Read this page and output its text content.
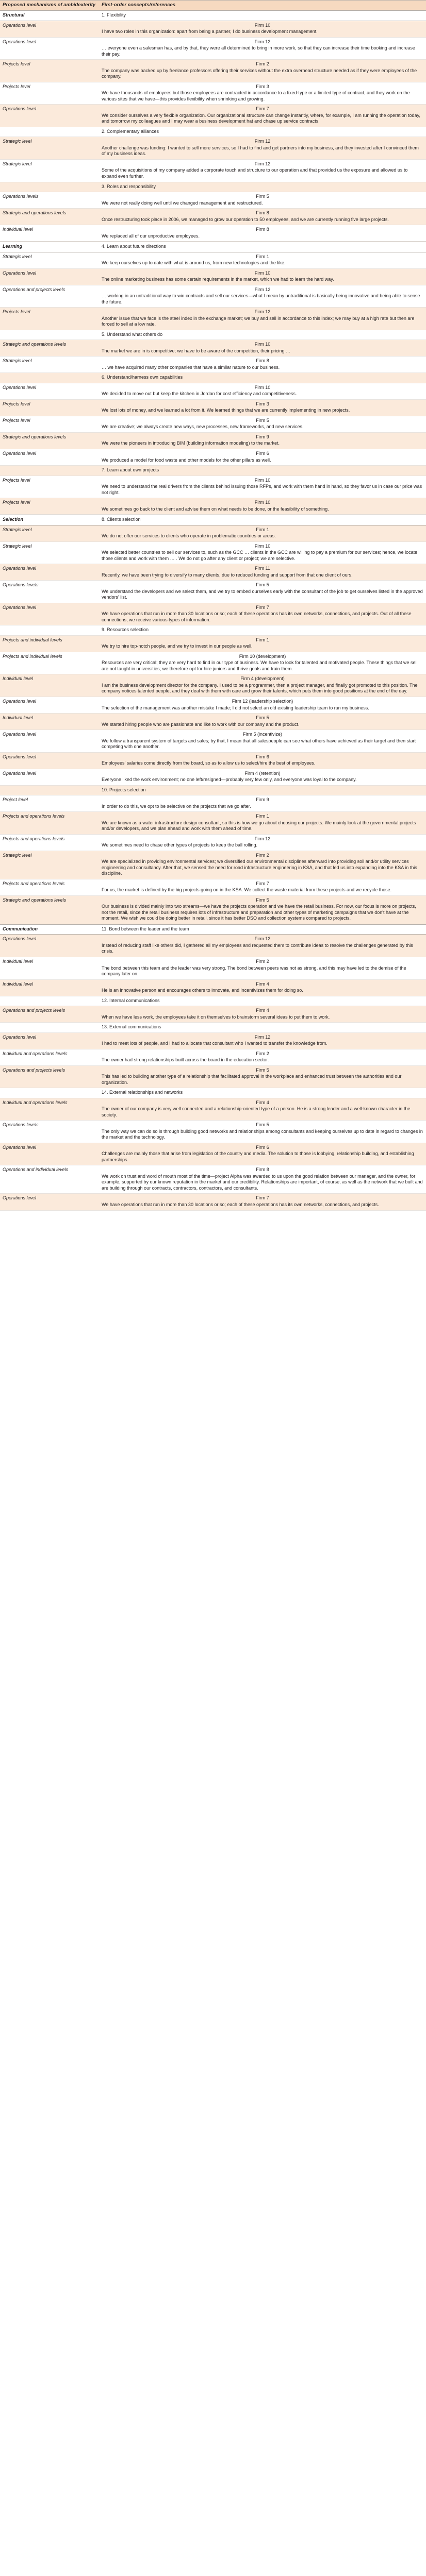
Proposed mechanisms of ambidexterity	First-order concepts/references
Structural	1. Flexibility
Operations level	Firm 10
I have two roles in this organization: apart from being a partner, I do business development management.
Operations level	Firm 12
… everyone even a salesman has, and by that, they were all determined to bring in more work, so that they can increase their time booking and increase their pay.
Projects level	Firm 2
The company was backed up by freelance professors offering their services without the extra overhead structure needed as if they were employees of the company.
Projects level	Firm 3
We have thousands of employees but those employees are contracted in accordance to a fixed-type or a limited type of contract, and they work on the various sites that we have—this provides flexibility when shrinking and growing.
Operations level	Firm 7
We consider ourselves a very flexible organization. Our organizational structure can change instantly, where, for example, I am running the operation today, and tomorrow my colleagues and I may wear a business development hat and chase up service contracts.
2. Complementary alliances
Strategic level	Firm 12
Another challenge was funding: I wanted to sell more services, so I had to find and get partners into my business, and they invested after I convinced them of my business ideas.
Strategic level	Firm 12
Some of the acquisitions of my company added a corporate touch and structure to our operation and that provided us the exposure and allowed us to expand even further.
3. Roles and responsibility
Operations levels	Firm 5
We were not really doing well until we changed management and restructured.
Strategic and operations levels	Firm 8
Once restructuring took place in 2006, we managed to grow our operation to 50 employees, and we are currently running five large projects.
Individual level	Firm 8
We replaced all of our unproductive employees.
Learning	4. Learn about future directions
Strategic level	Firm 1
We keep ourselves up to date with what is around us, from new technologies and the like.
Operations level	Firm 10
The online marketing business has some certain requirements in the market, which we had to learn the hard way.
Operations and projects levels	Firm 12
… working in an untraditional way to win contracts and sell our services—what I mean by untraditional is basically being innovative and being able to sense the future.
Projects level	Firm 12
Another issue that we face is the steel index in the exchange market; we buy and sell in accordance to this index; we may buy at a high rate but then are forced to sell at a low rate.
5. Understand what others do
Strategic and operations levels	Firm 10
The market we are in is competitive; we have to be aware of the competition, their pricing …
Strategic level	Firm 8
… we have acquired many other companies that have a similar nature to our business.
6. Understand/harness own capabilities
Operations level	Firm 10
We decided to move out but keep the kitchen in Jordan for cost efficiency and competitiveness.
Projects level	Firm 3
We lost lots of money, and we learned a lot from it. We learned things that we are currently implementing in new projects.
Projects level	Firm 5
We are creative; we always create new ways, new processes, new frameworks, and new services.
Strategic and operations levels	Firm 9
We were the pioneers in introducing BIM (building information modeling) to the market.
Operations level	Firm 6
We produced a model for food waste and other models for the other pillars as well.
7. Learn about own projects
Projects level	Firm 10
We need to understand the real drivers from the clients behind issuing those RFPs, and work with them hand in hand, so they favor us in case our price was not right.
Projects level	Firm 10
We sometimes go back to the client and advise them on what needs to be done, or the feasibility of something.
Selection	8. Clients selection
Strategic level	Firm 1
We do not offer our services to clients who operate in problematic countries or areas.
Strategic level	Firm 10
We selected better countries to sell our services to, such as the GCC … clients in the GCC are willing to pay a premium for our services; hence, we locate those clients and work with them … . We do not go after any client or project; we are selective.
Operations level	Firm 11
Recently, we have been trying to diversify to many clients, due to reduced funding and support from that one client of ours.
Operations levels	Firm 5
We understand the developers and we select them, and we try to embed ourselves early with the consultant of the job to get ourselves listed in the approved vendors' list.
Operations level	Firm 7
We have operations that run in more than 30 locations or so; each of these operations has its own networks, connections, and projects. Out of all these connections, we receive various types of information.
9. Resources selection
Projects and individual levels	Firm 1
We try to hire top-notch people, and we try to invest in our people as well.
Projects and individual levels	Firm 10 (development)
Resources are very critical; they are very hard to find in our type of business. We have to look for talented and motivated people. These things that we sell are not taught in universities; we therefore opt for hire juniors and thrive goals and train them.
Individual level	Firm 4 (development)
I am the business development director for the company. I used to be a programmer, then a project manager, and finally got promoted to this position. The company notices talented people, and they deal with them with care and grow their talents, which puts them into good positions at the end of the day.
Operations level	Firm 12 (leadership selection)
The selection of the management was another mistake I made; I did not select an old existing leadership team to run my business.
Individual level	Firm 5
We started hiring people who are passionate and like to work with our company and the product.
Operations level	Firm 5 (incentivize)
We follow a transparent system of targets and sales; by that, I mean that all salespeople can see what others have achieved as their target and then start competing with one another.
Operations level	Firm 6
Employees' salaries come directly from the board, so as to allow us to select/hire the best of employees.
Operations level	Firm 4 (retention)
Everyone liked the work environment; no one left/resigned—probably very few only, and everyone was loyal to the company.
10. Projects selection
Project level	Firm 9
In order to do this, we opt to be selective on the projects that we go after.
Projects and operations levels	Firm 1
We are known as a water infrastructure design consultant, so this is how we go about choosing our projects. We mainly look at the governmental projects and/or developers, and we plan ahead and work with them ahead of time.
Projects and operations levels	Firm 12
We sometimes need to chase other types of projects to keep the ball rolling.
Strategic level	Firm 2
We are specialized in providing environmental services; we diversified our environmental disciplines afterward into providing soil and/or utility services engineering and consultancy. After that, we sensed the need for road infrastructure engineering in KSA, and that led us into expanding into the KSA in this discipline.
Projects and operations levels	Firm 7
For us, the market is defined by the big projects going on in the KSA. We collect the waste material from these projects and we recycle those.
Strategic and operations levels	Firm 5
Our business is divided mainly into two streams—we have the projects operation and we have the retail business. For now, our focus is more on projects, not the retail, since the retail business requires lots of infrastructure and preparation and other types of marketing campaigns that we don't have at the moment. We wish we could be doing better in retail, since it has better DSO and collection systems compared to projects.
Communication	11. Bond between the leader and the team
Operations level	Firm 12
Instead of reducing staff like others did, I gathered all my employees and requested them to contribute ideas to resolve the challenges generated by this crisis.
Individual level	Firm 2
The bond between this team and the leader was very strong. The bond between peers was not as strong, and this may have led to the demise of the company later on.
Individual level	Firm 4
He is an innovative person and encourages others to innovate, and incentivizes them for doing so.
12. Internal communications
Operations and projects levels	Firm 4
When we have less work, the employees take it on themselves to brainstorm several ideas to put them to work.
13. External communications
Operations level	Firm 12
I had to meet lots of people, and I had to allocate that consultant who I wanted to transfer the knowledge from.
Individual and operations levels	Firm 2
The owner had strong relationships built across the board in the education sector.
Operations and projects levels	Firm 5
This has led to building another type of a relationship that facilitated approval in the workplace and enhanced trust between the authorities and our organization.
14. External relationships and networks
Individual and operations levels	Firm 4
The owner of our company is very well connected and a relationship-oriented type of a person. He is a strong leader and a well-known character in the society.
Operations levels	Firm 5
The only way we can do so is through building good networks and relationships among consultants and keeping ourselves up to date in regard to changes in the market and the technology.
Operations level	Firm 6
Challenges are mainly those that arise from legislation of the country and media. The solution to those is lobbying, relationship building, and establishing partnerships.
Operations and individual levels	Firm 8
We work on trust and word of mouth most of the time—project Alpha was awarded to us upon the good relation between our manager, and the owner, for example, supported by our known reputation in the market and our credibility. Relationships are important, of course, as well as the network that we built and are building through our contracts, contractors, contractors, and consultants.
Operations level	Firm 7
We have operations that run in more than 30 locations or so; each of these operations has its own networks, connections, and projects.
